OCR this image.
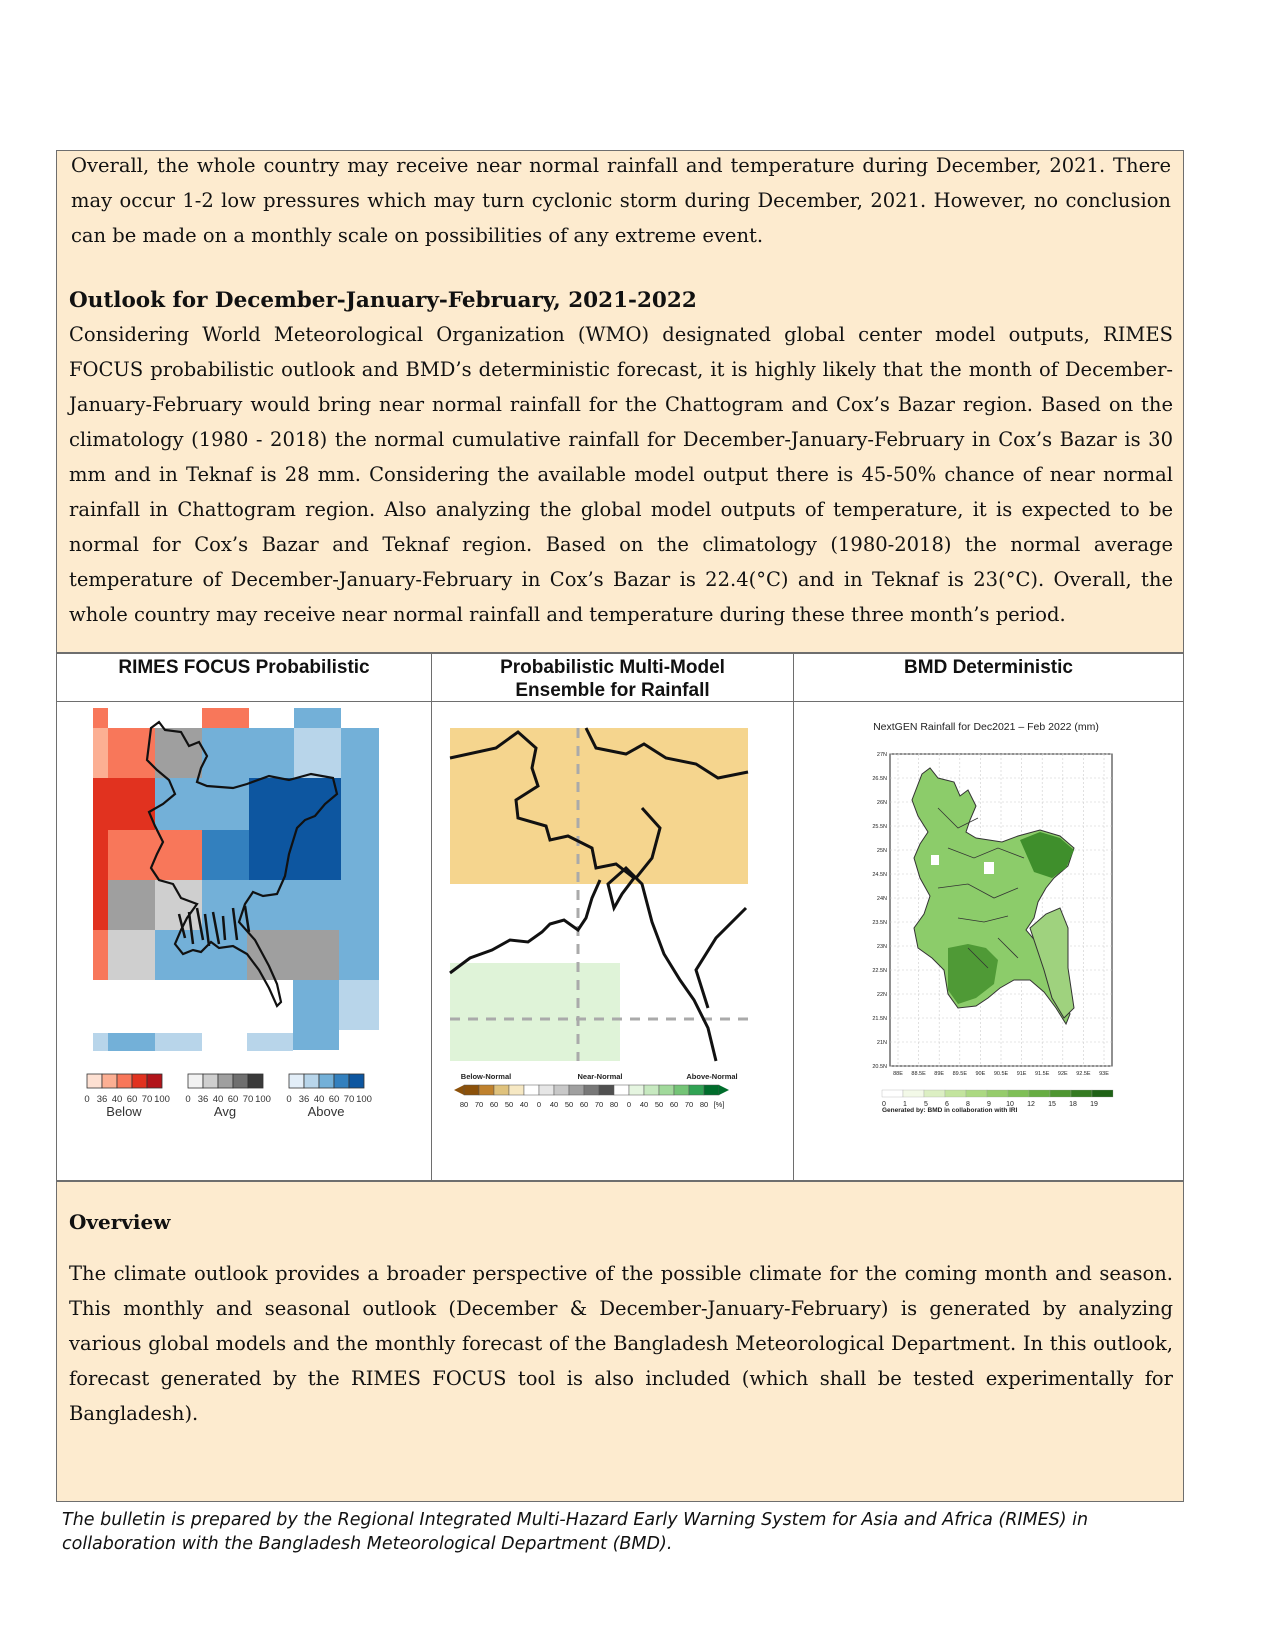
Overall, the whole country may receive near normal rainfall and temperature during December, 2021. There may occur 1-2 low pressures which may turn cyclonic storm during December, 2021. However, no conclusion can be made on a monthly scale on possibilities of any extreme event.
Outlook for December-January-February, 2021-2022
Considering World Meteorological Organization (WMO) designated global center model outputs, RIMES FOCUS probabilistic outlook and BMD’s deterministic forecast, it is highly likely that the month of December-January-February would bring near normal rainfall for the Chattogram and Cox’s Bazar region. Based on the climatology (1980 - 2018) the normal cumulative rainfall for December-January-February in Cox’s Bazar is 30 mm and in Teknaf is 28 mm. Considering the available model output there is 45-50% chance of near normal rainfall in Chattogram region. Also analyzing the global model outputs of temperature, it is expected to be normal for Cox’s Bazar and Teknaf region. Based on the climatology (1980-2018) the normal average temperature of December-January-February in Cox’s Bazar is 22.4(°C) and in Teknaf is 23(°C). Overall, the whole country may receive near normal rainfall and temperature during these three month’s period.
RIMES FOCUS Probabilistic
0 36 40 60 70 100
Below
0 36 40 60 70 100
Avg
0 36 40 60 70 100
Above
Probabilistic Multi-Model Ensemble for Rainfall
Below-Normal	Near-Normal	Above-Normal
80 70 60 50 40 0 40 50 60 70 80 0 40 50 60 70 80 [%]
BMD Deterministic
NextGEN Rainfall for Dec2021 – Feb 2022 (mm)
0 1 5 6 8 9 10 12 15 18 19
Generated by: BMD in collaboration with IRI
27N
26.5N
26N
25.5N
25N
24.5N
24N
23.5N
23N
22.5N
22N
21.5N
21N
20.5N
88E 88.5E 89E 89.5E 90E 90.5E 91E 91.5E 92E 92.5E 93E
Overview
The climate outlook provides a broader perspective of the possible climate for the coming month and season. This monthly and seasonal outlook (December & December-January-February) is generated by analyzing various global models and the monthly forecast of the Bangladesh Meteorological Department. In this outlook, forecast generated by the RIMES FOCUS tool is also included (which shall be tested experimentally for Bangladesh).
The bulletin is prepared by the Regional Integrated Multi-Hazard Early Warning System for Asia and Africa (RIMES) in collaboration with the Bangladesh Meteorological Department (BMD).
